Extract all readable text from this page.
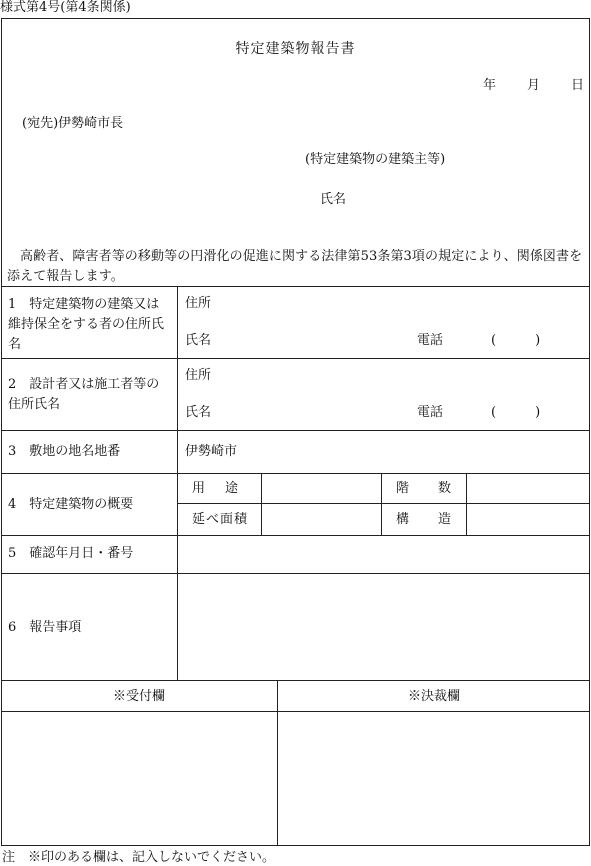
様式第4号(第4条関係)
特定建築物報告書
年 月 日
(宛先)伊勢崎市長
(特定建築物の建築主等)
氏名
高齢者、障害者等の移動等の円滑化の促進に関する法律第53条第3項の規定により、関係図書を添えて報告します。
1　特定建築物の建築又は維持保全をする者の住所氏名
住所
氏名	電話	(　　　)
2　設計者又は施工者等の住所氏名
住所
氏名	電話	(　　　)
3　敷地の地名地番	伊勢崎市
4　特定建築物の概要
用途	階数
延べ面積	構造
5　確認年月日・番号
6　報告事項
※受付欄	※決裁欄
注　※印のある欄は、記入しないでください。
